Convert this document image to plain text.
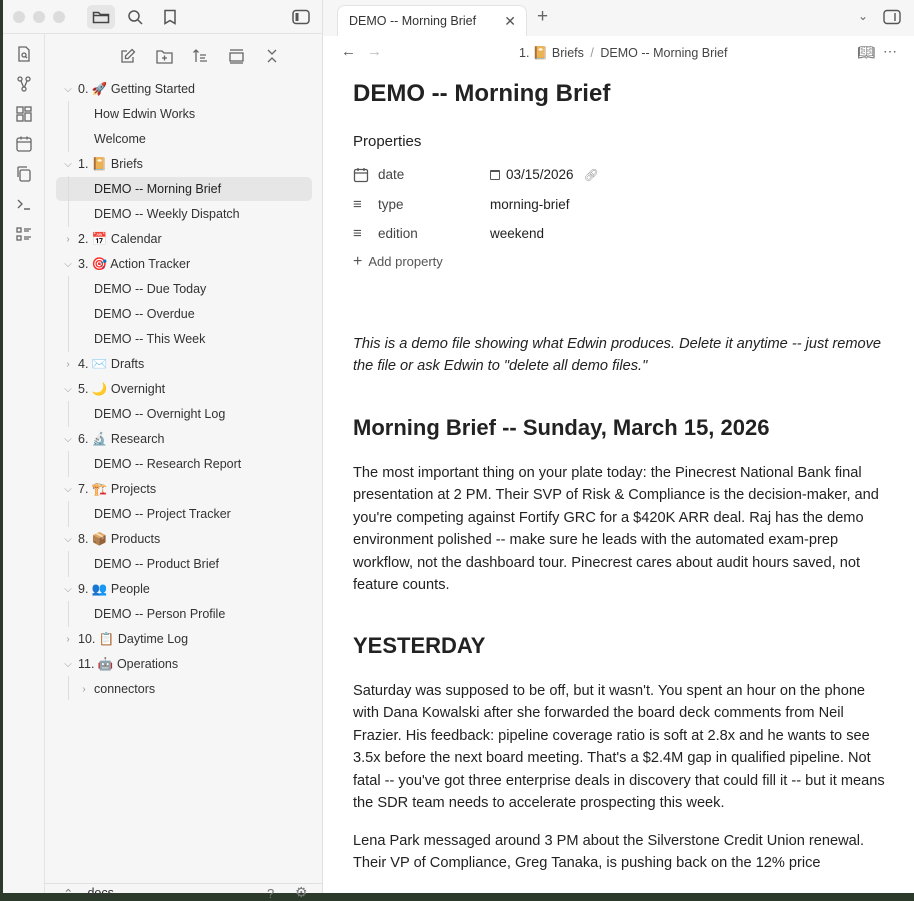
⌵ 0. 🚀 Getting Started
How Edwin Works
Welcome
⌵ 1. 📔 Briefs
DEMO -- Morning Brief
DEMO -- Weekly Dispatch
› 2. 📅 Calendar
⌵ 3. 🎯 Action Tracker
DEMO -- Due Today
DEMO -- Overdue
DEMO -- This Week
› 4. ✉️ Drafts
⌵ 5. 🌙 Overnight
DEMO -- Overnight Log
⌵ 6. 🔬 Research
DEMO -- Research Report
⌵ 7. 🏗️ Projects
DEMO -- Project Tracker
⌵ 8. 📦 Products
DEMO -- Product Brief
⌵ 9. 👥 People
DEMO -- Person Profile
› 10. 📋 Daytime Log
⌵ 11. 🤖 Operations
› connectors
⌃ docs	? ⚙
DEMO -- Morning Brief ✕ +	⌄
← →	1. 📔 Briefs / DEMO -- Morning Brief	📖︎ ⋯
DEMO -- Morning Brief
Properties
date	03/15/2026 🔗︎
≡	type	morning-brief
≡	edition	weekend
+ Add property

This is a demo file showing what Edwin produces. Delete it anytime -- just remove the file or ask Edwin to "delete all demo files."

Morning Brief -- Sunday, March 15, 2026

The most important thing on your plate today: the Pinecrest National Bank final presentation at 2 PM. Their SVP of Risk & Compliance is the decision-maker, and you're competing against Fortify GRC for a $420K ARR deal. Raj has the demo environment polished -- make sure he leads with the automated exam-prep workflow, not the dashboard tour. Pinecrest cares about audit hours saved, not feature counts.

YESTERDAY

Saturday was supposed to be off, but it wasn't. You spent an hour on the phone with Dana Kowalski after she forwarded the board deck comments from Neil Frazier. His feedback: pipeline coverage ratio is soft at 2.8x and he wants to see 3.5x before the next board meeting. That's a $2.4M gap in qualified pipeline. Not fatal -- you've got three enterprise deals in discovery that could fill it -- but it means the SDR team needs to accelerate prospecting this week.

Lena Park messaged around 3 PM about the Silverstone Credit Union renewal. Their VP of Compliance, Greg Tanaka, is pushing back on the 12% price
